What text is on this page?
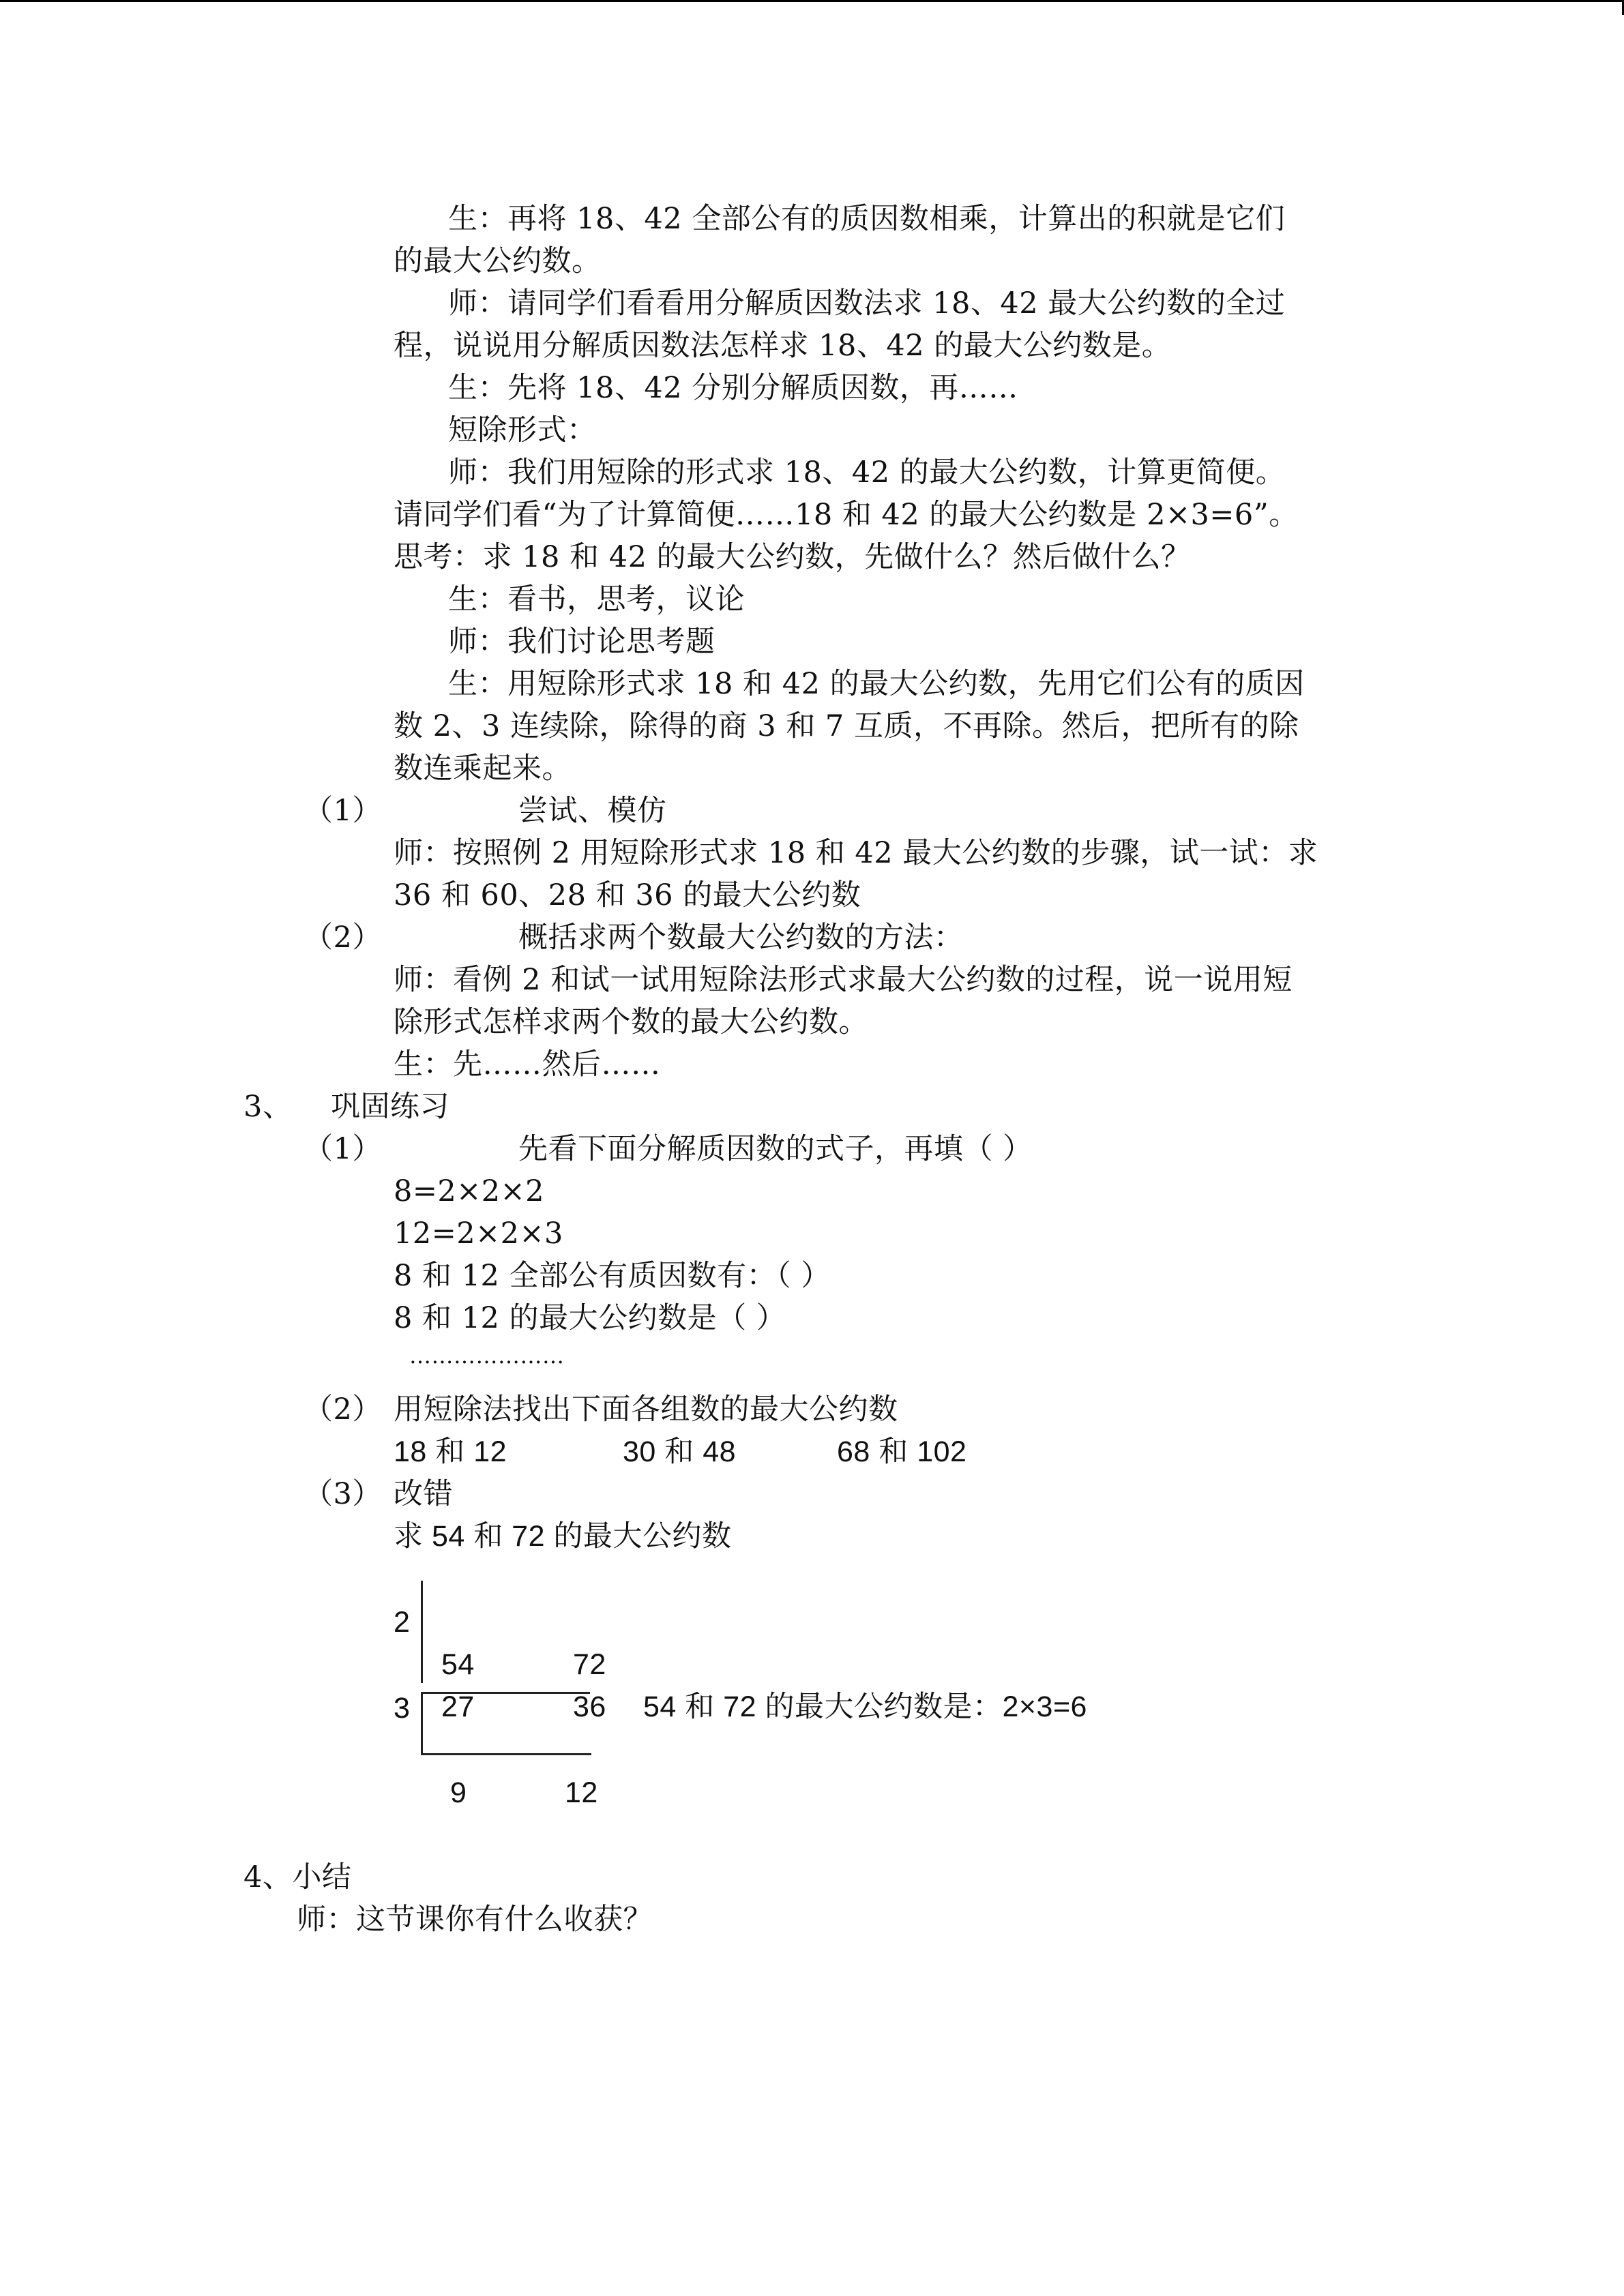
生：再将 18、42 全部公有的质因数相乘，计算出的积就是它们
的最大公约数。
师：请同学们看看用分解质因数法求 18、42 最大公约数的全过
程，说说用分解质因数法怎样求 18、42 的最大公约数是。
生：先将 18、42 分别分解质因数，再……
短除形式：
师：我们用短除的形式求 18、42 的最大公约数，计算更简便。
请同学们看“为了计算简便……18 和 42 的最大公约数是 2×3=6”。
思考：求 18 和 42 的最大公约数，先做什么？然后做什么？
生：看书，思考，议论
师：我们讨论思考题
生：用短除形式求 18 和 42 的最大公约数，先用它们公有的质因
数 2、3 连续除，除得的商 3 和 7 互质，不再除。然后，把所有的除
数连乘起来。
（1）	尝试、模仿
师：按照例 2 用短除形式求 18 和 42 最大公约数的步骤，试一试：求
36 和 60、28 和 36 的最大公约数
（2）	概括求两个数最大公约数的方法：
师：看例 2 和试一试用短除法形式求最大公约数的过程，说一说用短
除形式怎样求两个数的最大公约数。
生：先……然后……
3、 巩固练习
（1）	先看下面分解质因数的式子，再填（ ）
8=2×2×2
12=2×2×3
8 和 12 全部公有质因数有：（ ）
8 和 12 的最大公约数是（ ）
…………………
（2） 用短除法找出下面各组数的最大公约数
18 和 12	30 和 48	68 和 102
（3） 改错
求 54 和 72 的最大公约数
2
54	72
3 27	36
9	12
54 和 72 的最大公约数是：2×3=6
4、小结
师：这节课你有什么收获？
